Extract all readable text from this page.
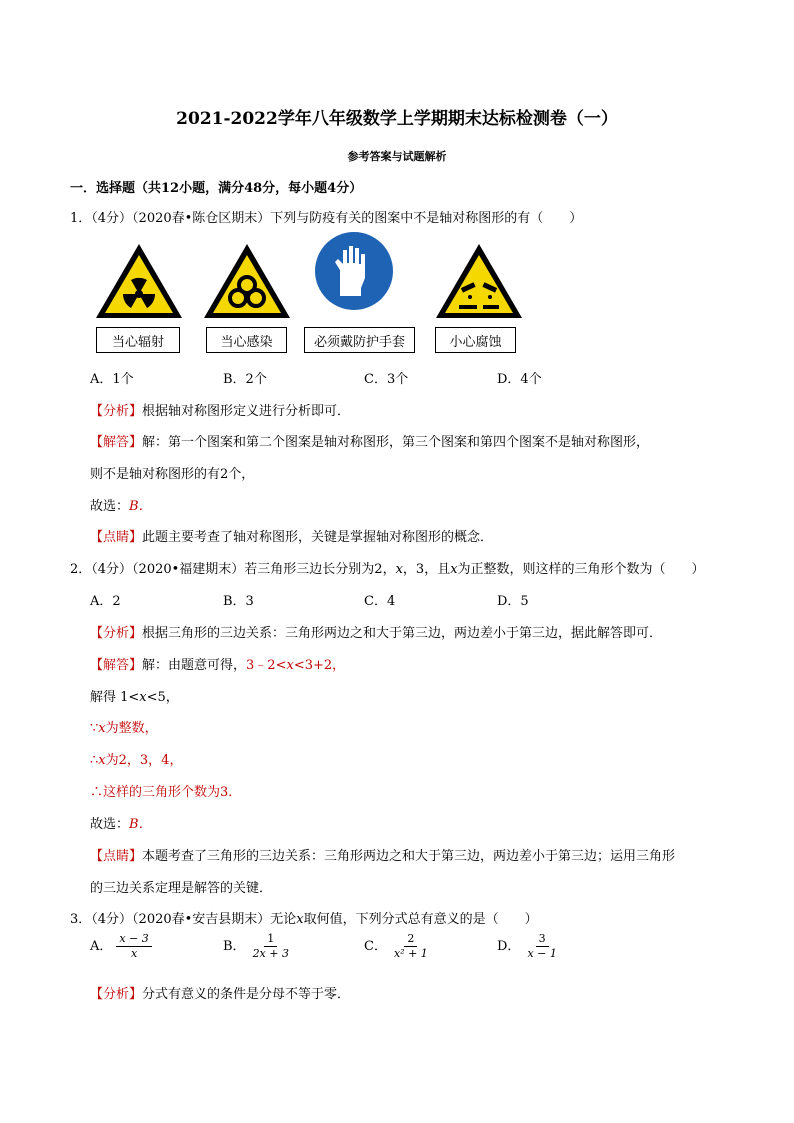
2021-2022学年八年级数学上学期期末达标检测卷（一）
参考答案与试题解析
一．选择题（共12小题，满分48分，每小题4分）
1．（4分）（2020春•陈仓区期末）下列与防疫有关的图案中不是轴对称图形的有（　　）
当心辐射	当心感染	必须戴防护手套	小心腐蚀
A．1个	B．2个	C．3个	D．4个
【分析】根据轴对称图形定义进行分析即可．
【解答】解：第一个图案和第二个图案是轴对称图形，第三个图案和第四个图案不是轴对称图形，
则不是轴对称图形的有2个，
故选：B．
【点睛】此题主要考查了轴对称图形，关键是掌握轴对称图形的概念．
2．（4分）（2020•福建期末）若三角形三边长分别为2，x，3，且x为正整数，则这样的三角形个数为（　　）
A．2	B．3	C．4	D．5
【分析】根据三角形的三边关系：三角形两边之和大于第三边，两边差小于第三边，据此解答即可．
【解答】解：由题意可得，3﹣2<x<3+2，
解得 1<x<5，
∵x为整数，
∴x为2，3，4，
∴这样的三角形个数为3．
故选：B．
【点睛】本题考查了三角形的三边关系：三角形两边之和大于第三边，两边差小于第三边；运用三角形
的三边关系定理是解答的关键．
3．（4分）（2020春•安吉县期末）无论x取何值，下列分式总有意义的是（　　）
A． $\frac{x - 3}{x}$	B． $\frac{1}{2x + 3}$	C． $\frac{2}{\text{x² + 1}}$	D． $\frac{3}{x - 1}$
【分析】分式有意义的条件是分母不等于零．
